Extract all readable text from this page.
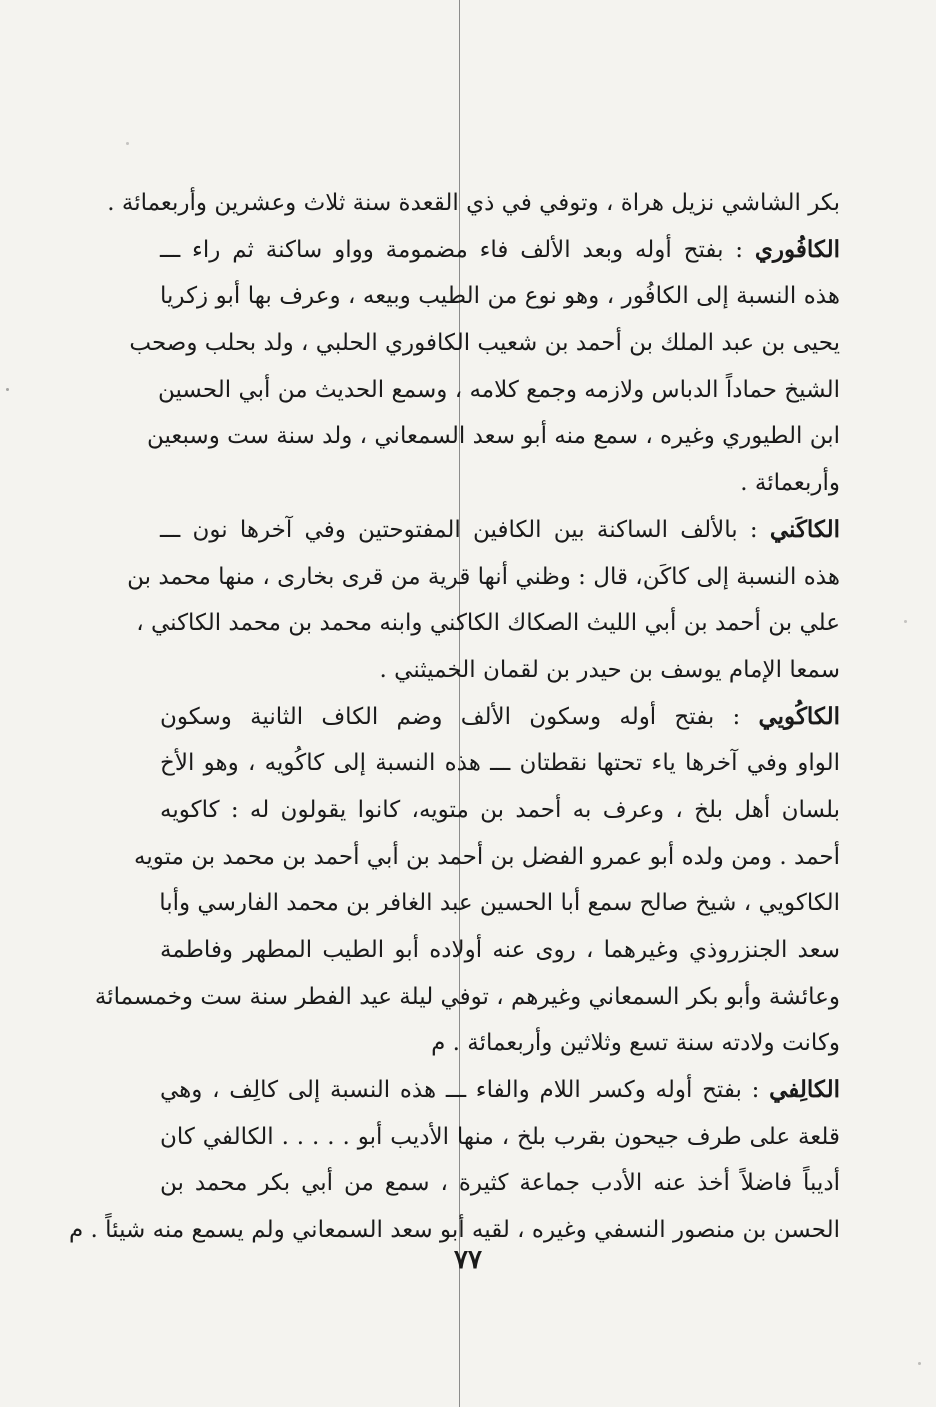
بكر الشاشي نزيل هراة ، وتوفي في ذي القعدة سنة ثلاث وعشرين وأربعمائة .
الكافُوري : بفتح أوله وبعد الألف فاء مضمومة وواو ساكنة ثم راء ـــ
هذه النسبة إلى الكافُور ، وهو نوع من الطيب وبيعه ، وعرف بها أبو زكريا
يحيى بن عبد الملك بن أحمد بن شعيب الكافوري الحلبي ، ولد بحلب وصحب
الشيخ حماداً الدباس ولازمه وجمع كلامه ، وسمع الحديث من أبي الحسين
ابن الطيوري وغيره ، سمع منه أبو سعد السمعاني ، ولد سنة ست وسبعين
وأربعمائة .
الكاكَني : بالألف الساكنة بين الكافين المفتوحتين وفي آخرها نون ـــ
هذه النسبة إلى كاكَن، قال : وظني أنها قرية من قرى بخارى ، منها محمد بن
علي بن أحمد بن أبي الليث الصكاك الكاكني وابنه محمد بن محمد الكاكني ،
سمعا الإمام يوسف بن حيدر بن لقمان الخميثني .
الكاكُويي : بفتح أوله وسكون الألف وضم الكاف الثانية وسكون
الواو وفي آخرها ياء تحتها نقطتان ـــ هذه النسبة إلى كاكُويه ، وهو الأخ
بلسان أهل بلخ ، وعرف به أحمد بن متويه، كانوا يقولون له : كاكويه
أحمد . ومن ولده أبو عمرو الفضل بن أحمد بن أبي أحمد بن محمد بن متويه
الكاكويي ، شيخ صالح سمع أبا الحسين عبد الغافر بن محمد الفارسي وأبا
سعد الجنزروذي وغيرهما ، روى عنه أولاده أبو الطيب المطهر وفاطمة
وعائشة وأبو بكر السمعاني وغيرهم ، توفي ليلة عيد الفطر سنة ست وخمسمائة
وكانت ولادته سنة تسع وثلاثين وأربعمائة . م
الكالِفي : بفتح أوله وكسر اللام والفاء ـــ هذه النسبة إلى كالِف ، وهي
قلعة على طرف جيحون بقرب بلخ ، منها الأديب أبو . . . . . الكالفي كان
أديباً فاضلاً أخذ عنه الأدب جماعة كثيرة ، سمع من أبي بكر محمد بن
الحسن بن منصور النسفي وغيره ، لقيه أبو سعد السمعاني ولم يسمع منه شيئاً . م
٧٧
